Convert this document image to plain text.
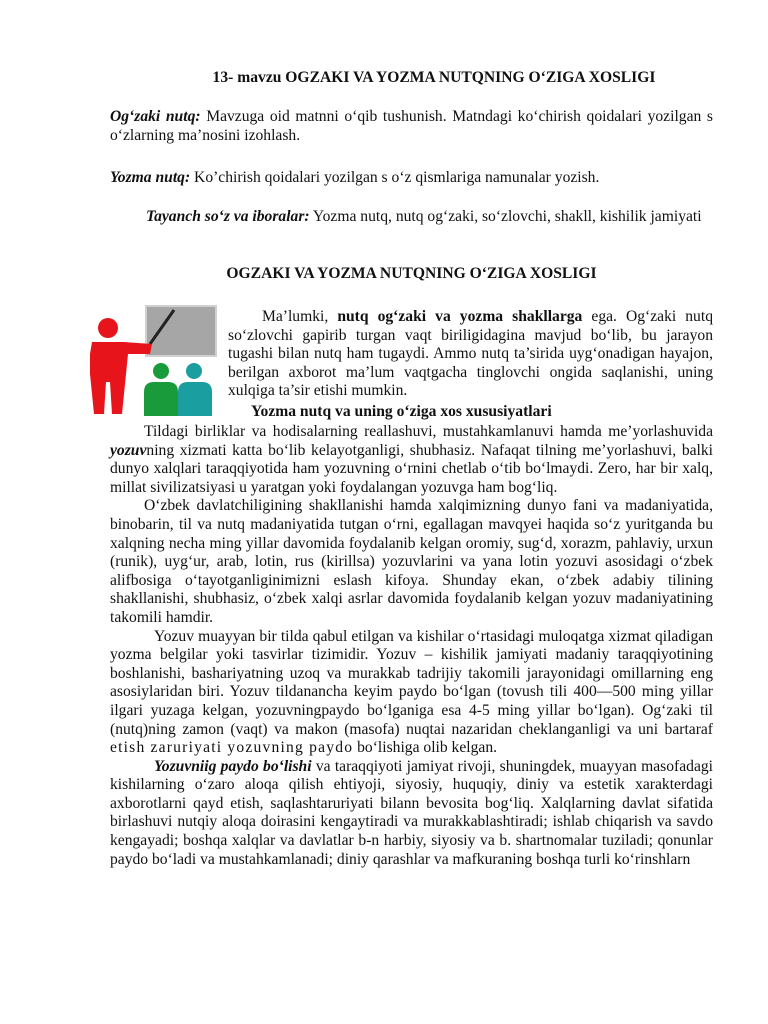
13- mavzu OGZAKI VA YOZMA NUTQNING O‘ZIGA XOSLIGI

Og‘zaki nutq: Mavzuga oid matnni o‘qib tushunish. Matndagi ko‘chirish qoidalari yozilgan s o‘zlarning ma’nosini izohlash.

Yozma nutq: Ko’chirish qoidalari yozilgan s o‘z qismlariga namunalar yozish.

Tayanch so‘z va iboralar: Yozma nutq, nutq og‘zaki, so‘zlovchi, shakll, kishilik jamiyati

OGZAKI VA YOZMA NUTQNING O‘ZIGA XOSLIGI

Ma’lumki, nutq og‘zaki va yozma shakllarga ega. Og‘zaki nutq so‘zlovchi gapirib turgan vaqt biriligidagina mavjud bo‘lib, bu jarayon tugashi bilan nutq ham tugaydi. Ammo nutq ta’sirida uyg‘onadigan hayajon, berilgan axborot ma’lum vaqtgacha tinglovchi ongida saqlanishi, uning xulqiga ta’sir etishi mumkin.

Yozma nutq va uning o‘ziga xos xususiyatlari

Tildagi birliklar va hodisalarning reallashuvi, mustahkamlanuvi hamda me’yorlashuvida yozuvning xizmati katta bo‘lib kelayotganligi, shubhasiz. Nafaqat tilning me’yorlashuvi, balki dunyo xalqlari taraqqiyotida ham yozuvning o‘rnini chetlab o‘tib bo‘lmaydi. Zero, har bir xalq, millat sivilizatsiyasi u yaratgan yoki foydalangan yozuvga ham bog‘liq.

O‘zbek davlatchiligining shakllanishi hamda xalqimizning dunyo fani va madaniyatida, binobarin, til va nutq madaniyatida tutgan o‘rni, egallagan mavqyei haqida so‘z yuritganda bu xalqning necha ming yillar davomida foydalanib kelgan oromiy, sug‘d, xorazm, pahlaviy, urxun (runik), uyg‘ur, arab, lotin, rus (kirillsa) yozuvlarini va yana lotin yozuvi asosidagi o‘zbek alifbosiga o‘tayotganliginimizni eslash kifoya. Shunday ekan, o‘zbek adabiy tilining shakllanishi, shubhasiz, o‘zbek xalqi asrlar davomida foydalanib kelgan yozuv madaniyatining takomili hamdir.

Yozuv muayyan bir tilda qabul etilgan va kishilar o‘rtasidagi muloqatga xizmat qiladigan yozma belgilar yoki tasvirlar tizimidir. Yozuv – kishilik jamiyati madaniy taraqqiyotining boshlanishi, bashariyatning uzoq va murakkab tadrijiy takomili jarayonidagi omillarning eng asosiylaridan biri. Yozuv tildanancha keyim paydo bo‘lgan (tovush tili 400—500 ming yillar ilgari yuzaga kelgan, yozuvningpaydo bo‘lganiga esa 4-5 ming yillar bo‘lgan). Og‘zaki til (nutq)ning zamon (vaqt) va makon (masofa) nuqtai nazaridan cheklanganligi va uni bartaraf etish zaruriyati yozuvning paydo bo‘lishiga olib kelgan.

Yozuvniig paydo bo‘lishi va taraqqiyoti jamiyat rivoji, shuningdek, muayyan masofadagi kishilarning o‘zaro aloqa qilish ehtiyoji, siyosiy, huquqiy, diniy va estetik xarakterdagi axborotlarni qayd etish, saqlashtaruriyati bilann bevosita bog‘liq. Xalqlarning davlat sifatida birlashuvi nutqiy aloqa doirasini kengaytiradi va murakkablashtiradi; ishlab chiqarish va savdo kengayadi; boshqa xalqlar va davlatlar b-n harbiy, siyosiy va b. shartnomalar tuziladi; qonunlar paydo bo‘ladi va mustahkamlanadi; diniy qarashlar va mafkuraning boshqa turli ko‘rinshlarn
